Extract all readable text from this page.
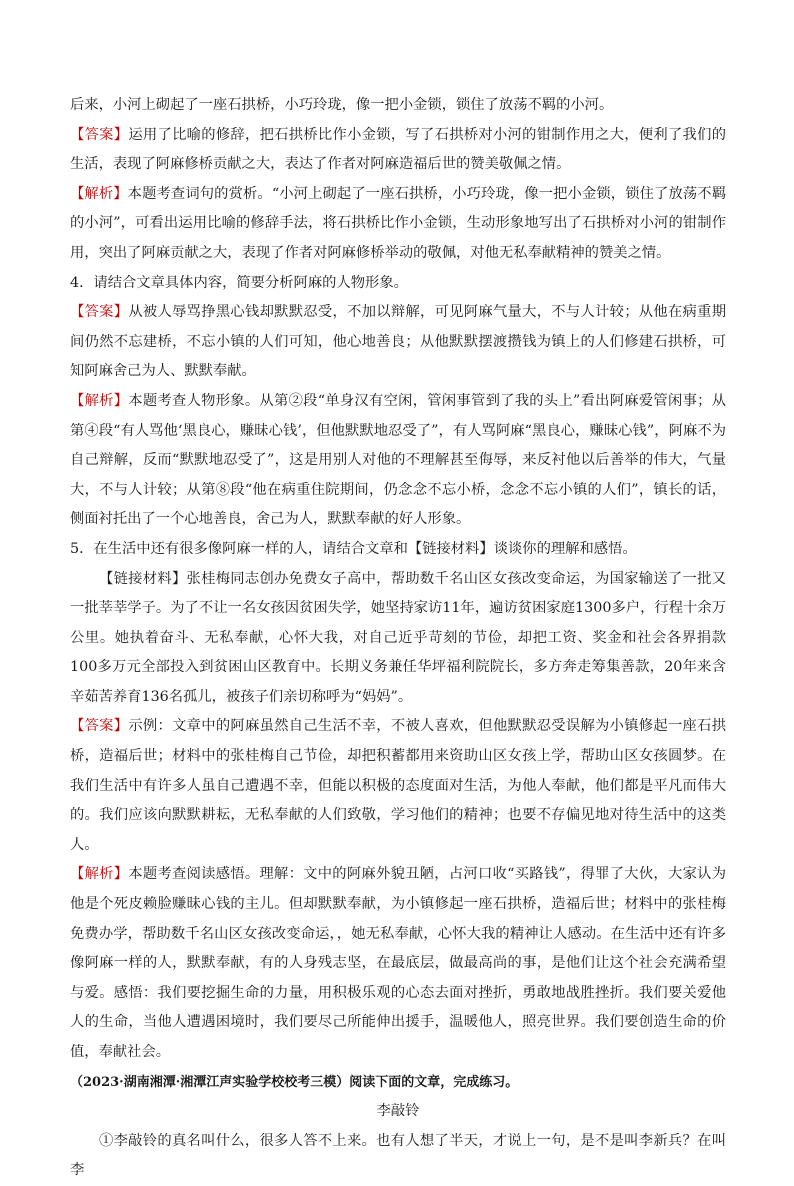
后来，小河上砌起了一座石拱桥，小巧玲珑，像一把小金锁，锁住了放荡不羁的小河。

【答案】运用了比喻的修辞，把石拱桥比作小金锁，写了石拱桥对小河的钳制作用之大，便利了我们的生活，表现了阿麻修桥贡献之大，表达了作者对阿麻造福后世的赞美敬佩之情。

【解析】本题考查词句的赏析。“小河上砌起了一座石拱桥，小巧玲珑，像一把小金锁，锁住了放荡不羁的小河”，可看出运用比喻的修辞手法，将石拱桥比作小金锁，生动形象地写出了石拱桥对小河的钳制作用，突出了阿麻贡献之大，表现了作者对阿麻修桥举动的敬佩，对他无私奉献精神的赞美之情。

4．请结合文章具体内容，简要分析阿麻的人物形象。

【答案】从被人辱骂挣黑心钱却默默忍受，不加以辩解，可见阿麻气量大，不与人计较；从他在病重期间仍然不忘建桥，不忘小镇的人们可知，他心地善良；从他默默摆渡攒钱为镇上的人们修建石拱桥，可知阿麻舍己为人、默默奉献。

【解析】本题考查人物形象。从第②段“单身汉有空闲，管闲事管到了我的头上”看出阿麻爱管闲事；从第④段“有人骂他‘黑良心，赚昧心钱’，但他默默地忍受了”，有人骂阿麻“黑良心，赚昧心钱”，阿麻不为自己辩解，反而“默默地忍受了”，这是用别人对他的不理解甚至侮辱，来反衬他以后善举的伟大，气量大，不与人计较；从第⑧段“他在病重住院期间，仍念念不忘小桥，念念不忘小镇的人们”，镇长的话，侧面衬托出了一个心地善良，舍己为人，默默奉献的好人形象。

5．在生活中还有很多像阿麻一样的人，请结合文章和【链接材料】谈谈你的理解和感悟。

【链接材料】张桂梅同志创办免费女子高中，帮助数千名山区女孩改变命运，为国家输送了一批又一批莘莘学子。为了不让一名女孩因贫困失学，她坚持家访11年，遍访贫困家庭1300多户，行程十余万公里。她执着奋斗、无私奉献，心怀大我，对自己近乎苛刻的节俭，却把工资、奖金和社会各界捐款100多万元全部投入到贫困山区教育中。长期义务兼任华坪福利院院长，多方奔走筹集善款，20年来含辛茹苦养育136名孤儿，被孩子们亲切称呼为“妈妈”。

【答案】示例：文章中的阿麻虽然自己生活不幸，不被人喜欢，但他默默忍受误解为小镇修起一座石拱桥，造福后世；材料中的张桂梅自己节俭，却把积蓄都用来资助山区女孩上学，帮助山区女孩圆梦。在我们生活中有许多人虽自己遭遇不幸，但能以积极的态度面对生活，为他人奉献，他们都是平凡而伟大的。我们应该向默默耕耘，无私奉献的人们致敬，学习他们的精神；也要不存偏见地对待生活中的这类人。

【解析】本题考查阅读感悟。理解：文中的阿麻外貌丑陋，占河口收“买路钱”，得罪了大伙，大家认为他是个死皮赖脸赚昧心钱的主儿。但却默默奉献，为小镇修起一座石拱桥，造福后世；材料中的张桂梅免费办学，帮助数千名山区女孩改变命运，，她无私奉献，心怀大我的精神让人感动。在生活中还有许多像阿麻一样的人，默默奉献，有的人身残志坚，在最底层，做最高尚的事，是他们让这个社会充满希望与爱。感悟：我们要挖掘生命的力量，用积极乐观的心态去面对挫折，勇敢地战胜挫折。我们要关爱他人的生命，当他人遭遇困境时，我们要尽己所能伸出援手，温暖他人，照亮世界。我们要创造生命的价值，奉献社会。

（2023·湖南湘潭·湘潭江声实验学校校考三模）阅读下面的文章，完成练习。

李敲铃

①李敲铃的真名叫什么，很多人答不上来。也有人想了半天，才说上一句，是不是叫李新兵？在叫李
